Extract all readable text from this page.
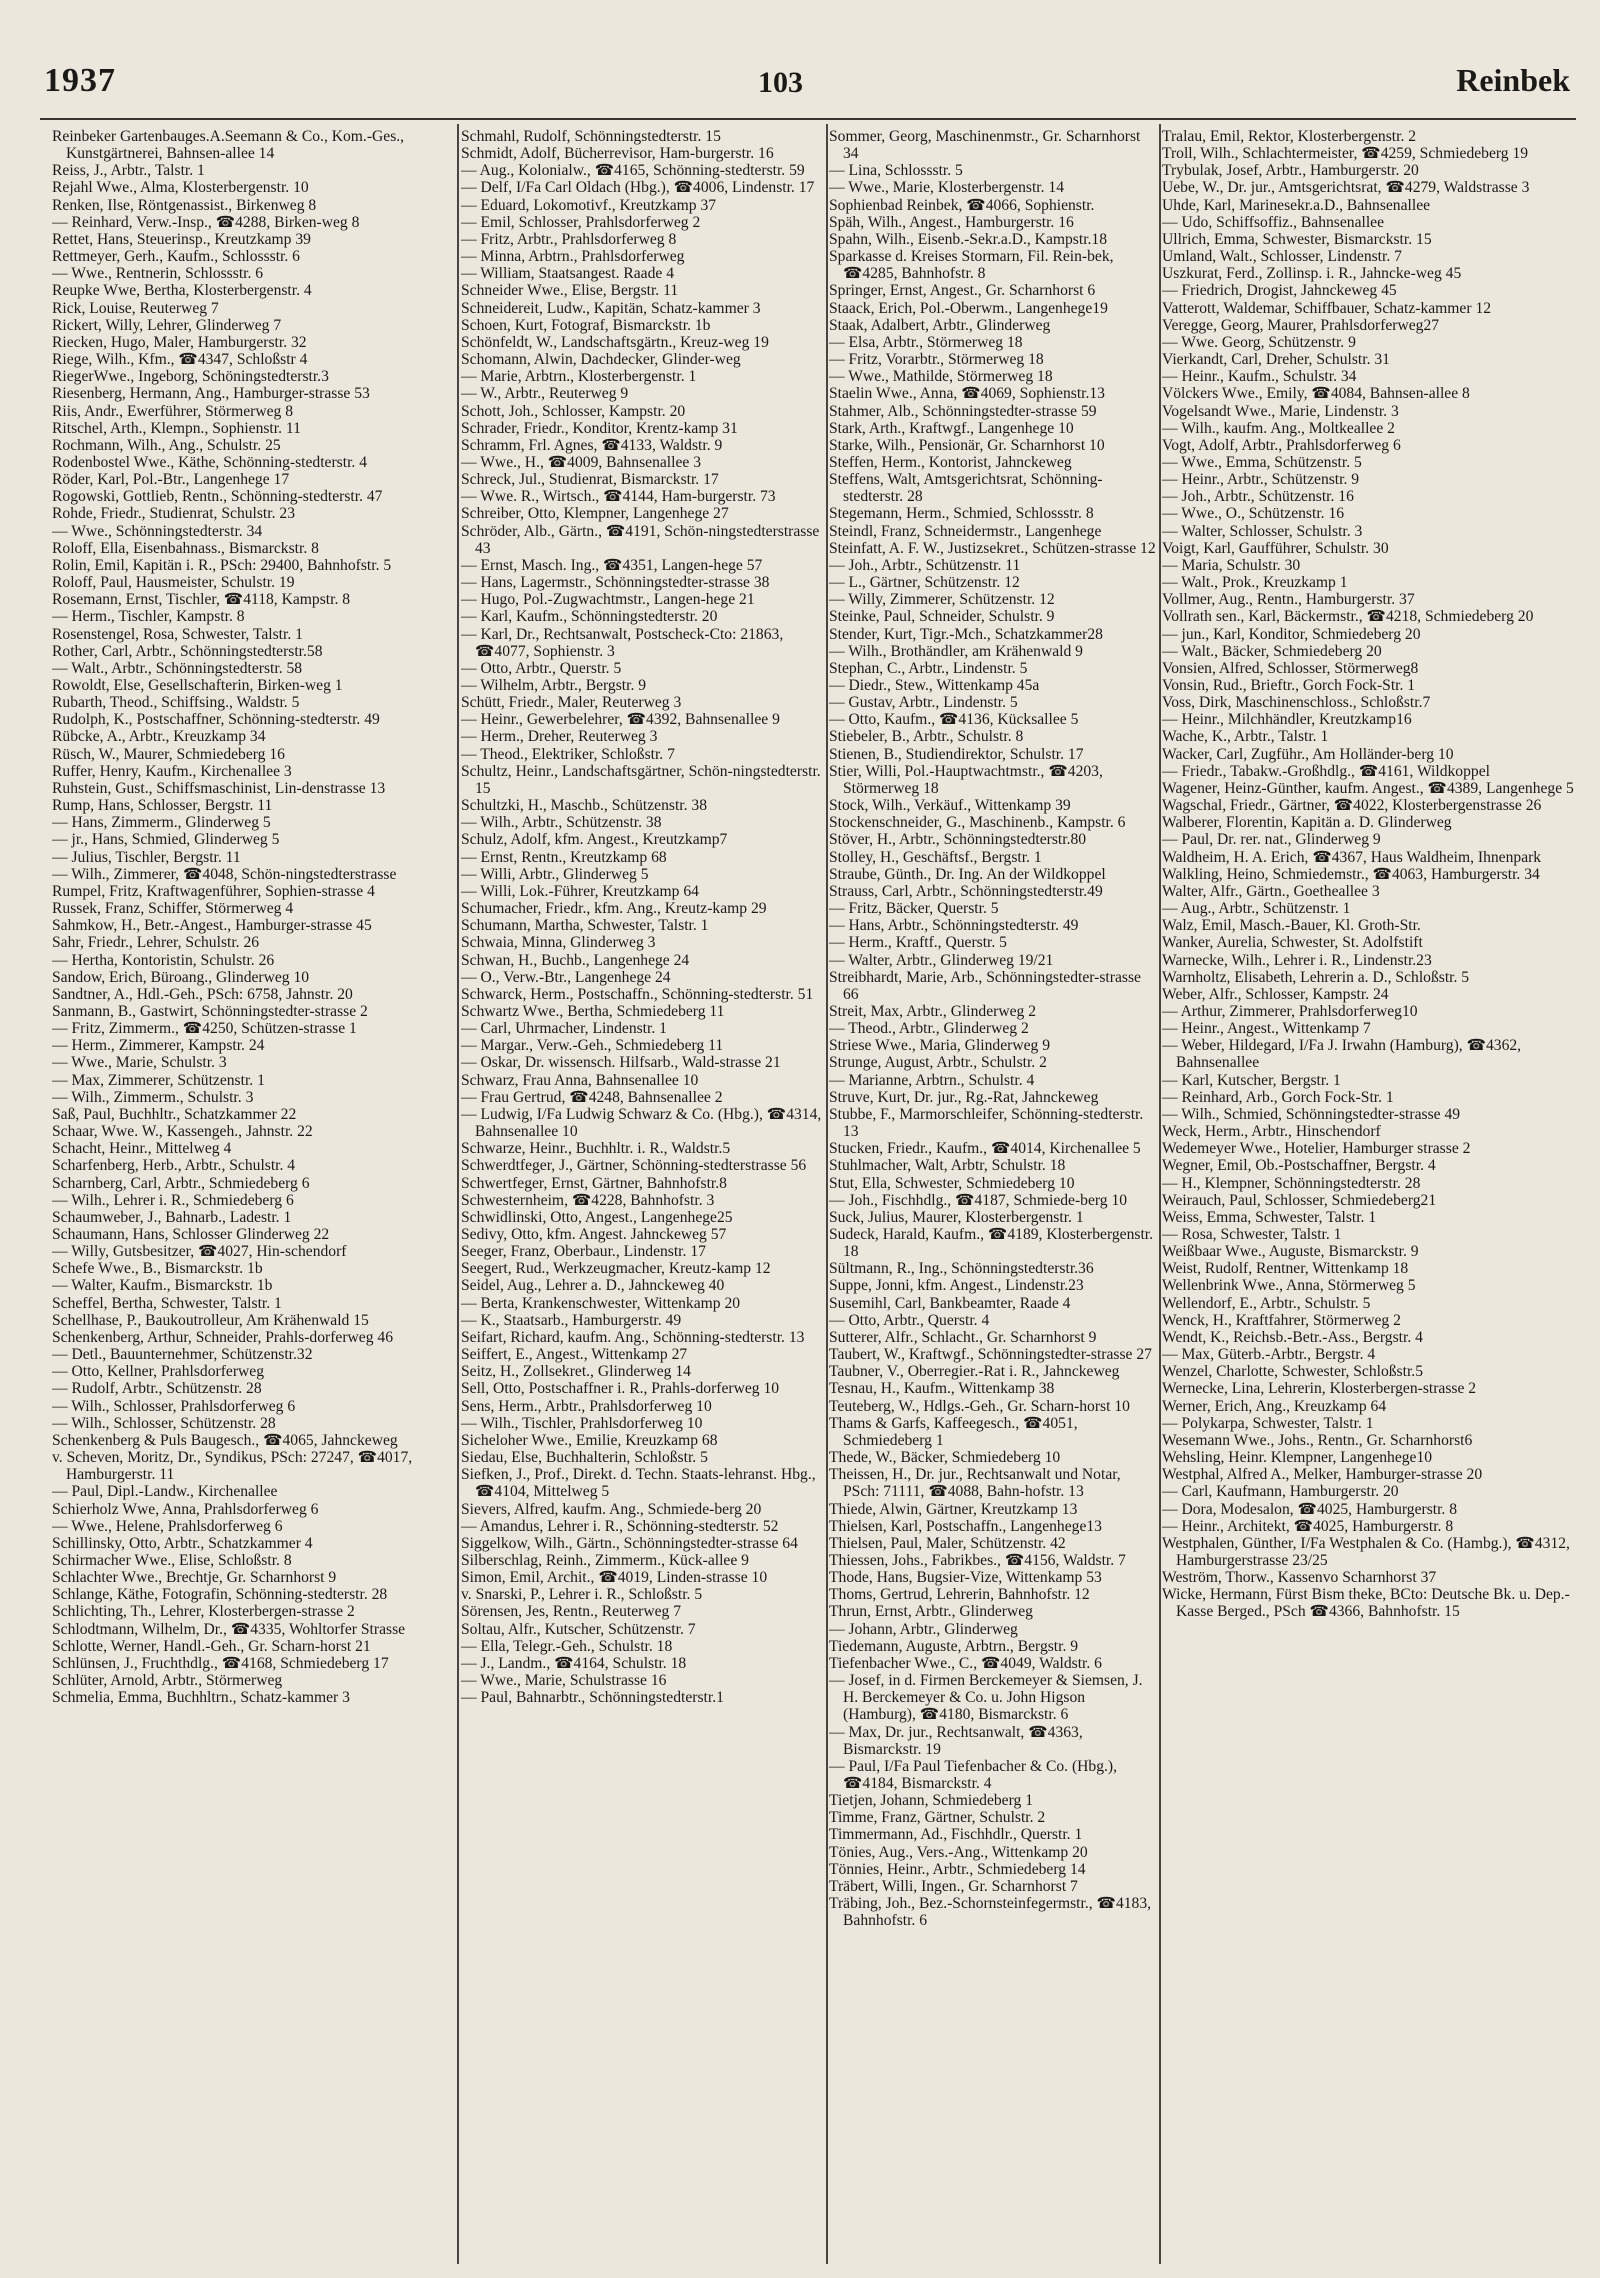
1937	103	Reinbek

Reinbeker Gartenbauges.A.Seemann & Co., Kom.-Ges., Kunstgärtnerei, Bahnsen-allee 14

Reiss, J., Arbtr., Talstr. 1

Rejahl Wwe., Alma, Klosterbergenstr. 10

Renken, Ilse, Röntgenassist., Birkenweg 8

— Reinhard, Verw.-Insp., ☎4288, Birken-weg 8

Rettet, Hans, Steuerinsp., Kreutzkamp 39

Rettmeyer, Gerh., Kaufm., Schlossstr. 6

— Wwe., Rentnerin, Schlossstr. 6

Reupke Wwe, Bertha, Klosterbergenstr. 4

Rick, Louise, Reuterweg 7

Rickert, Willy, Lehrer, Glinderweg 7

Riecken, Hugo, Maler, Hamburgerstr. 32

Riege, Wilh., Kfm., ☎4347, Schloßstr 4

RiegerWwe., Ingeborg, Schöningstedterstr.3

Riesenberg, Hermann, Ang., Hamburger-strasse 53

Riis, Andr., Ewerführer, Störmerweg 8

Ritschel, Arth., Klempn., Sophienstr. 11

Rochmann, Wilh., Ang., Schulstr. 25

Rodenbostel Wwe., Käthe, Schönning-stedterstr. 4

Röder, Karl, Pol.-Btr., Langenhege 17

Rogowski, Gottlieb, Rentn., Schönning-stedterstr. 47

Rohde, Friedr., Studienrat, Schulstr. 23

— Wwe., Schönningstedterstr. 34

Roloff, Ella, Eisenbahnass., Bismarckstr. 8

Rolin, Emil, Kapitän i. R., PSch: 29400, Bahnhofstr. 5

Roloff, Paul, Hausmeister, Schulstr. 19

Rosemann, Ernst, Tischler, ☎4118, Kampstr. 8

— Herm., Tischler, Kampstr. 8

Rosenstengel, Rosa, Schwester, Talstr. 1

Rother, Carl, Arbtr., Schönningstedterstr.58

— Walt., Arbtr., Schönningstedterstr. 58

Rowoldt, Else, Gesellschafterin, Birken-weg 1

Rubarth, Theod., Schiffsing., Waldstr. 5

Rudolph, K., Postschaffner, Schönning-stedterstr. 49

Rübcke, A., Arbtr., Kreuzkamp 34

Rüsch, W., Maurer, Schmiedeberg 16

Ruffer, Henry, Kaufm., Kirchenallee 3

Ruhstein, Gust., Schiffsmaschinist, Lin-denstrasse 13

Rump, Hans, Schlosser, Bergstr. 11

— Hans, Zimmerm., Glinderweg 5

— jr., Hans, Schmied, Glinderweg 5

— Julius, Tischler, Bergstr. 11

— Wilh., Zimmerer, ☎4048, Schön-ningstedterstrasse

Rumpel, Fritz, Kraftwagenführer, Sophien-strasse 4

Russek, Franz, Schiffer, Störmerweg 4

Sahmkow, H., Betr.-Angest., Hamburger-strasse 45

Sahr, Friedr., Lehrer, Schulstr. 26

— Hertha, Kontoristin, Schulstr. 26

Sandow, Erich, Büroang., Glinderweg 10

Sandtner, A., Hdl.-Geh., PSch: 6758, Jahnstr. 20

Sanmann, B., Gastwirt, Schönningstedter-strasse 2

— Fritz, Zimmerm., ☎4250, Schützen-strasse 1

— Herm., Zimmerer, Kampstr. 24

— Wwe., Marie, Schulstr. 3

— Max, Zimmerer, Schützenstr. 1

— Wilh., Zimmerm., Schulstr. 3

Saß, Paul, Buchhltr., Schatzkammer 22

Schaar, Wwe. W., Kassengeh., Jahnstr. 22

Schacht, Heinr., Mittelweg 4

Scharfenberg, Herb., Arbtr., Schulstr. 4

Scharnberg, Carl, Arbtr., Schmiedeberg 6

— Wilh., Lehrer i. R., Schmiedeberg 6

Schaumweber, J., Bahnarb., Ladestr. 1

Schaumann, Hans, Schlosser Glinderweg 22

— Willy, Gutsbesitzer, ☎4027, Hin-schendorf

Schefe Wwe., B., Bismarckstr. 1b

— Walter, Kaufm., Bismarckstr. 1b

Scheffel, Bertha, Schwester, Talstr. 1

Schellhase, P., Baukoutrolleur, Am Krähenwald 15

Schenkenberg, Arthur, Schneider, Prahls-dorferweg 46

— Detl., Bauunternehmer, Schützenstr.32

— Otto, Kellner, Prahlsdorferweg

— Rudolf, Arbtr., Schützenstr. 28

— Wilh., Schlosser, Prahlsdorferweg 6

— Wilh., Schlosser, Schützenstr. 28

Schenkenberg & Puls Baugesch., ☎4065, Jahnckeweg

v. Scheven, Moritz, Dr., Syndikus, PSch: 27247, ☎4017, Hamburgerstr. 11

— Paul, Dipl.-Landw., Kirchenallee

Schierholz Wwe, Anna, Prahlsdorferweg 6

— Wwe., Helene, Prahlsdorferweg 6

Schillinsky, Otto, Arbtr., Schatzkammer 4

Schirmacher Wwe., Elise, Schloßstr. 8

Schlachter Wwe., Brechtje, Gr. Scharnhorst 9

Schlange, Käthe, Fotografin, Schönning-stedterstr. 28

Schlichting, Th., Lehrer, Klosterbergen-strasse 2

Schlodtmann, Wilhelm, Dr., ☎4335, Wohltorfer Strasse

Schlotte, Werner, Handl.-Geh., Gr. Scharn-horst 21

Schlünsen, J., Fruchthdlg., ☎4168, Schmiedeberg 17

Schlüter, Arnold, Arbtr., Störmerweg

Schmelia, Emma, Buchhltrn., Schatz-kammer 3

Schmahl, Rudolf, Schönningstedterstr. 15

Schmidt, Adolf, Bücherrevisor, Ham-burgerstr. 16

— Aug., Kolonialw., ☎4165, Schönning-stedterstr. 59

— Delf, I/Fa Carl Oldach (Hbg.), ☎4006, Lindenstr. 17

— Eduard, Lokomotivf., Kreutzkamp 37

— Emil, Schlosser, Prahlsdorferweg 2

— Fritz, Arbtr., Prahlsdorferweg 8

— Minna, Arbtrn., Prahlsdorferweg

— William, Staatsangest. Raade 4

Schneider Wwe., Elise, Bergstr. 11

Schneidereit, Ludw., Kapitän, Schatz-kammer 3

Schoen, Kurt, Fotograf, Bismarckstr. 1b

Schönfeldt, W., Landschaftsgärtn., Kreuz-weg 19

Schomann, Alwin, Dachdecker, Glinder-weg

— Marie, Arbtrn., Klosterbergenstr. 1

— W., Arbtr., Reuterweg 9

Schott, Joh., Schlosser, Kampstr. 20

Schrader, Friedr., Konditor, Krentz-kamp 31

Schramm, Frl. Agnes, ☎4133, Waldstr. 9

— Wwe., H., ☎4009, Bahnsenallee 3

Schreck, Jul., Studienrat, Bismarckstr. 17

— Wwe. R., Wirtsch., ☎4144, Ham-burgerstr. 73

Schreiber, Otto, Klempner, Langenhege 27

Schröder, Alb., Gärtn., ☎4191, Schön-ningstedterstrasse 43

— Ernst, Masch. Ing., ☎4351, Langen-hege 57

— Hans, Lagermstr., Schönningstedter-strasse 38

— Hugo, Pol.-Zugwachtmstr., Langen-hege 21

— Karl, Kaufm., Schönningstedterstr. 20

— Karl, Dr., Rechtsanwalt, Postscheck-Cto: 21863, ☎4077, Sophienstr. 3

— Otto, Arbtr., Querstr. 5

— Wilhelm, Arbtr., Bergstr. 9

Schütt, Friedr., Maler, Reuterweg 3

— Heinr., Gewerbelehrer, ☎4392, Bahnsenallee 9

— Herm., Dreher, Reuterweg 3

— Theod., Elektriker, Schloßstr. 7

Schultz, Heinr., Landschaftsgärtner, Schön-ningstedterstr. 15

Schultzki, H., Maschb., Schützenstr. 38

— Wilh., Arbtr., Schützenstr. 38

Schulz, Adolf, kfm. Angest., Kreutzkamp7

— Ernst, Rentn., Kreutzkamp 68

— Willi, Arbtr., Glinderweg 5

— Willi, Lok.-Führer, Kreutzkamp 64

Schumacher, Friedr., kfm. Ang., Kreutz-kamp 29

Schumann, Martha, Schwester, Talstr. 1

Schwaia, Minna, Glinderweg 3

Schwan, H., Buchb., Langenhege 24

— O., Verw.-Btr., Langenhege 24

Schwarck, Herm., Postschaffn., Schönning-stedterstr. 51

Schwartz Wwe., Bertha, Schmiedeberg 11

— Carl, Uhrmacher, Lindenstr. 1

— Margar., Verw.-Geh., Schmiedeberg 11

— Oskar, Dr. wissensch. Hilfsarb., Wald-strasse 21

Schwarz, Frau Anna, Bahnsenallee 10

— Frau Gertrud, ☎4248, Bahnsenallee 2

— Ludwig, I/Fa Ludwig Schwarz & Co. (Hbg.), ☎4314, Bahnsenallee 10

Schwarze, Heinr., Buchhltr. i. R., Waldstr.5

Schwerdtfeger, J., Gärtner, Schönning-stedterstrasse 56

Schwertfeger, Ernst, Gärtner, Bahnhofstr.8

Schwesternheim, ☎4228, Bahnhofstr. 3

Schwidlinski, Otto, Angest., Langenhege25

Sedivy, Otto, kfm. Angest. Jahnckeweg 57

Seeger, Franz, Oberbaur., Lindenstr. 17

Seegert, Rud., Werkzeugmacher, Kreutz-kamp 12

Seidel, Aug., Lehrer a. D., Jahnckeweg 40

— Berta, Krankenschwester, Wittenkamp 20

— K., Staatsarb., Hamburgerstr. 49

Seifart, Richard, kaufm. Ang., Schönning-stedterstr. 13

Seiffert, E., Angest., Wittenkamp 27

Seitz, H., Zollsekret., Glinderweg 14

Sell, Otto, Postschaffner i. R., Prahls-dorferweg 10

Sens, Herm., Arbtr., Prahlsdorferweg 10

— Wilh., Tischler, Prahlsdorferweg 10

Sicheloher Wwe., Emilie, Kreuzkamp 68

Siedau, Else, Buchhalterin, Schloßstr. 5

Siefken, J., Prof., Direkt. d. Techn. Staats-lehranst. Hbg., ☎4104, Mittelweg 5

Sievers, Alfred, kaufm. Ang., Schmiede-berg 20

— Amandus, Lehrer i. R., Schönning-stedterstr. 52

Siggelkow, Wilh., Gärtn., Schönningstedter-strasse 64

Silberschlag, Reinh., Zimmerm., Kück-allee 9

Simon, Emil, Archit., ☎4019, Linden-strasse 10

v. Snarski, P., Lehrer i. R., Schloßstr. 5

Sörensen, Jes, Rentn., Reuterweg 7

Soltau, Alfr., Kutscher, Schützenstr. 7

— Ella, Telegr.-Geh., Schulstr. 18

— J., Landm., ☎4164, Schulstr. 18

— Wwe., Marie, Schulstrasse 16

— Paul, Bahnarbtr., Schönningstedterstr.1

Sommer, Georg, Maschinenmstr., Gr. Scharnhorst 34

— Lina, Schlossstr. 5

— Wwe., Marie, Klosterbergenstr. 14

Sophienbad Reinbek, ☎4066, Sophienstr.

Späh, Wilh., Angest., Hamburgerstr. 16

Spahn, Wilh., Eisenb.-Sekr.a.D., Kampstr.18

Sparkasse d. Kreises Stormarn, Fil. Rein-bek, ☎4285, Bahnhofstr. 8

Springer, Ernst, Angest., Gr. Scharnhorst 6

Staack, Erich, Pol.-Oberwm., Langenhege19

Staak, Adalbert, Arbtr., Glinderweg

— Elsa, Arbtr., Störmerweg 18

— Fritz, Vorarbtr., Störmerweg 18

— Wwe., Mathilde, Störmerweg 18

Staelin Wwe., Anna, ☎4069, Sophienstr.13

Stahmer, Alb., Schönningstedter-strasse 59

Stark, Arth., Kraftwgf., Langenhege 10

Starke, Wilh., Pensionär, Gr. Scharnhorst 10

Steffen, Herm., Kontorist, Jahnckeweg

Steffens, Walt, Amtsgerichtsrat, Schönning-stedterstr. 28

Stegemann, Herm., Schmied, Schlossstr. 8

Steindl, Franz, Schneidermstr., Langenhege

Steinfatt, A. F. W., Justizsekret., Schützen-strasse 12

— Joh., Arbtr., Schützenstr. 11

— L., Gärtner, Schützenstr. 12

— Willy, Zimmerer, Schützenstr. 12

Steinke, Paul, Schneider, Schulstr. 9

Stender, Kurt, Tigr.-Mch., Schatzkammer28

— Wilh., Brothändler, am Krähenwald 9

Stephan, C., Arbtr., Lindenstr. 5

— Diedr., Stew., Wittenkamp 45a

— Gustav, Arbtr., Lindenstr. 5

— Otto, Kaufm., ☎4136, Kücksallee 5

Stiebeler, B., Arbtr., Schulstr. 8

Stienen, B., Studiendirektor, Schulstr. 17

Stier, Willi, Pol.-Hauptwachtmstr., ☎4203, Störmerweg 18

Stock, Wilh., Verkäuf., Wittenkamp 39

Stockenschneider, G., Maschinenb., Kampstr. 6

Stöver, H., Arbtr., Schönningstedterstr.80

Stolley, H., Geschäftsf., Bergstr. 1

Straube, Günth., Dr. Ing. An der Wildkoppel

Strauss, Carl, Arbtr., Schönningstedterstr.49

— Fritz, Bäcker, Querstr. 5

— Hans, Arbtr., Schönningstedterstr. 49

— Herm., Kraftf., Querstr. 5

— Walter, Arbtr., Glinderweg 19/21

Streibhardt, Marie, Arb., Schönningstedter-strasse 66

Streit, Max, Arbtr., Glinderweg 2

— Theod., Arbtr., Glinderweg 2

Striese Wwe., Maria, Glinderweg 9

Strunge, August, Arbtr., Schulstr. 2

— Marianne, Arbtrn., Schulstr. 4

Struve, Kurt, Dr. jur., Rg.-Rat, Jahnckeweg

Stubbe, F., Marmorschleifer, Schönning-stedterstr. 13

Stucken, Friedr., Kaufm., ☎4014, Kirchenallee 5

Stuhlmacher, Walt, Arbtr, Schulstr. 18

Stut, Ella, Schwester, Schmiedeberg 10

— Joh., Fischhdlg., ☎4187, Schmiede-berg 10

Suck, Julius, Maurer, Klosterbergenstr. 1

Sudeck, Harald, Kaufm., ☎4189, Klosterbergenstr. 18

Sültmann, R., Ing., Schönningstedterstr.36

Suppe, Jonni, kfm. Angest., Lindenstr.23

Susemihl, Carl, Bankbeamter, Raade 4

— Otto, Arbtr., Querstr. 4

Sutterer, Alfr., Schlacht., Gr. Scharnhorst 9

Taubert, W., Kraftwgf., Schönningstedter-strasse 27

Taubner, V., Oberregier.-Rat i. R., Jahnckeweg

Tesnau, H., Kaufm., Wittenkamp 38

Teuteberg, W., Hdlgs.-Geh., Gr. Scharn-horst 10

Thams & Garfs, Kaffeegesch., ☎4051, Schmiedeberg 1

Thede, W., Bäcker, Schmiedeberg 10

Theissen, H., Dr. jur., Rechtsanwalt und Notar, PSch: 71111, ☎4088, Bahn-hofstr. 13

Thiede, Alwin, Gärtner, Kreutzkamp 13

Thielsen, Karl, Postschaffn., Langenhege13

Thielsen, Paul, Maler, Schützenstr. 42

Thiessen, Johs., Fabrikbes., ☎4156, Waldstr. 7

Thode, Hans, Bugsier-Vize, Wittenkamp 53

Thoms, Gertrud, Lehrerin, Bahnhofstr. 12

Thrun, Ernst, Arbtr., Glinderweg

— Johann, Arbtr., Glinderweg

Tiedemann, Auguste, Arbtrn., Bergstr. 9

Tiefenbacher Wwe., C., ☎4049, Waldstr. 6

— Josef, in d. Firmen Berckemeyer & Siemsen, J. H. Berckemeyer & Co. u. John Higson (Hamburg), ☎4180, Bismarckstr. 6

— Max, Dr. jur., Rechtsanwalt, ☎4363, Bismarckstr. 19

— Paul, I/Fa Paul Tiefenbacher & Co. (Hbg.), ☎4184, Bismarckstr. 4

Tietjen, Johann, Schmiedeberg 1

Timme, Franz, Gärtner, Schulstr. 2

Timmermann, Ad., Fischhdlr., Querstr. 1

Tönies, Aug., Vers.-Ang., Wittenkamp 20

Tönnies, Heinr., Arbtr., Schmiedeberg 14

Träbert, Willi, Ingen., Gr. Scharnhorst 7

Träbing, Joh., Bez.-Schornsteinfegermstr., ☎4183, Bahnhofstr. 6

Tralau, Emil, Rektor, Klosterbergenstr. 2

Troll, Wilh., Schlachtermeister, ☎4259, Schmiedeberg 19

Trybulak, Josef, Arbtr., Hamburgerstr. 20

Uebe, W., Dr. jur., Amtsgerichtsrat, ☎4279, Waldstrasse 3

Uhde, Karl, Marinesekr.a.D., Bahnsenallee

— Udo, Schiffsoffiz., Bahnsenallee

Ullrich, Emma, Schwester, Bismarckstr. 15

Umland, Walt., Schlosser, Lindenstr. 7

Uszkurat, Ferd., Zollinsp. i. R., Jahncke-weg 45

— Friedrich, Drogist, Jahnckeweg 45

Vatterott, Waldemar, Schiffbauer, Schatz-kammer 12

Veregge, Georg, Maurer, Prahlsdorferweg27

— Wwe. Georg, Schützenstr. 9

Vierkandt, Carl, Dreher, Schulstr. 31

— Heinr., Kaufm., Schulstr. 34

Völckers Wwe., Emily, ☎4084, Bahnsen-allee 8

Vogelsandt Wwe., Marie, Lindenstr. 3

— Wilh., kaufm. Ang., Moltkeallee 2

Vogt, Adolf, Arbtr., Prahlsdorferweg 6

— Wwe., Emma, Schützenstr. 5

— Heinr., Arbtr., Schützenstr. 9

— Joh., Arbtr., Schützenstr. 16

— Wwe., O., Schützenstr. 16

— Walter, Schlosser, Schulstr. 3

Voigt, Karl, Gaufführer, Schulstr. 30

— Maria, Schulstr. 30

— Walt., Prok., Kreuzkamp 1

Vollmer, Aug., Rentn., Hamburgerstr. 37

Vollrath sen., Karl, Bäckermstr., ☎4218, Schmiedeberg 20

— jun., Karl, Konditor, Schmiedeberg 20

— Walt., Bäcker, Schmiedeberg 20

Vonsien, Alfred, Schlosser, Störmerweg8

Vonsin, Rud., Brieftr., Gorch Fock-Str. 1

Voss, Dirk, Maschinenschloss., Schloßstr.7

— Heinr., Milchhändler, Kreutzkamp16

Wache, K., Arbtr., Talstr. 1

Wacker, Carl, Zugführ., Am Holländer-berg 10

— Friedr., Tabakw.-Großhdlg., ☎4161, Wildkoppel

Wagener, Heinz-Günther, kaufm. Angest., ☎4389, Langenhege 5

Wagschal, Friedr., Gärtner, ☎4022, Klosterbergenstrasse 26

Walberer, Florentin, Kapitän a. D. Glinderweg

— Paul, Dr. rer. nat., Glinderweg 9

Waldheim, H. A. Erich, ☎4367, Haus Waldheim, Ihnenpark

Walkling, Heino, Schmiedemstr., ☎4063, Hamburgerstr. 34

Walter, Alfr., Gärtn., Goetheallee 3

— Aug., Arbtr., Schützenstr. 1

Walz, Emil, Masch.-Bauer, Kl. Groth-Str.

Wanker, Aurelia, Schwester, St. Adolfstift

Warnecke, Wilh., Lehrer i. R., Lindenstr.23

Warnholtz, Elisabeth, Lehrerin a. D., Schloßstr. 5

Weber, Alfr., Schlosser, Kampstr. 24

— Arthur, Zimmerer, Prahlsdorferweg10

— Heinr., Angest., Wittenkamp 7

— Weber, Hildegard, I/Fa J. Irwahn (Hamburg), ☎4362, Bahnsenallee

— Karl, Kutscher, Bergstr. 1

— Reinhard, Arb., Gorch Fock-Str. 1

— Wilh., Schmied, Schönningstedter-strasse 49

Weck, Herm., Arbtr., Hinschendorf

Wedemeyer Wwe., Hotelier, Hamburger strasse 2

Wegner, Emil, Ob.-Postschaffner, Bergstr. 4

— H., Klempner, Schönningstedterstr. 28

Weirauch, Paul, Schlosser, Schmiedeberg21

Weiss, Emma, Schwester, Talstr. 1

— Rosa, Schwester, Talstr. 1

Weißbaar Wwe., Auguste, Bismarckstr. 9

Weist, Rudolf, Rentner, Wittenkamp 18

Wellenbrink Wwe., Anna, Störmerweg 5

Wellendorf, E., Arbtr., Schulstr. 5

Wenck, H., Kraftfahrer, Störmerweg 2

Wendt, K., Reichsb.-Betr.-Ass., Bergstr. 4

— Max, Güterb.-Arbtr., Bergstr. 4

Wenzel, Charlotte, Schwester, Schloßstr.5

Wernecke, Lina, Lehrerin, Klosterbergen-strasse 2

Werner, Erich, Ang., Kreuzkamp 64

— Polykarpa, Schwester, Talstr. 1

Wesemann Wwe., Johs., Rentn., Gr. Scharnhorst6

Wehsling, Heinr. Klempner, Langenhege10

Westphal, Alfred A., Melker, Hamburger-strasse 20

— Carl, Kaufmann, Hamburgerstr. 20

— Dora, Modesalon, ☎4025, Hamburgerstr. 8

— Heinr., Architekt, ☎4025, Hamburgerstr. 8

Westphalen, Günther, I/Fa Westphalen & Co. (Hambg.), ☎4312, Hamburgerstrasse 23/25

Weström, Thorw., Kassenvo Scharnhorst 37

Wicke, Hermann, Fürst Bism theke, BCto: Deutsche Bk. u. Dep.-Kasse Berged., PSch ☎4366, Bahnhofstr. 15
